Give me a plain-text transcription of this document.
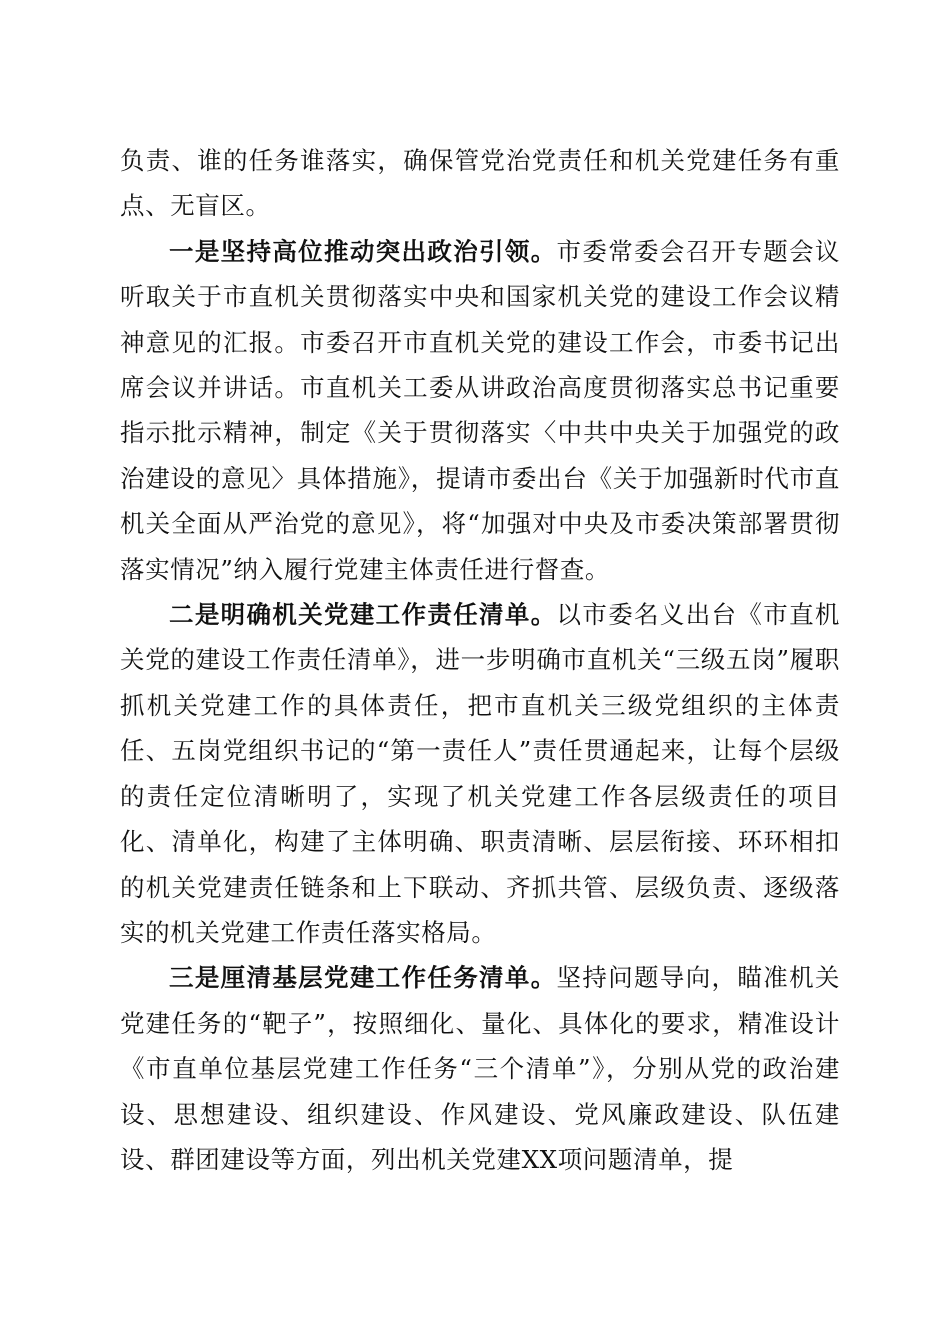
负责、谁的任务谁落实，确保管党治党责任和机关党建任务有重点、无盲区。

一是坚持高位推动突出政治引领。市委常委会召开专题会议听取关于市直机关贯彻落实中央和国家机关党的建设工作会议精神意见的汇报。市委召开市直机关党的建设工作会，市委书记出席会议并讲话。市直机关工委从讲政治高度贯彻落实总书记重要指示批示精神，制定《关于贯彻落实〈中共中央关于加强党的政治建设的意见〉具体措施》，提请市委出台《关于加强新时代市直机关全面从严治党的意见》，将“加强对中央及市委决策部署贯彻落实情况”纳入履行党建主体责任进行督查。

二是明确机关党建工作责任清单。以市委名义出台《市直机关党的建设工作责任清单》，进一步明确市直机关“三级五岗”履职抓机关党建工作的具体责任，把市直机关三级党组织的主体责任、五岗党组织书记的“第一责任人”责任贯通起来，让每个层级的责任定位清晰明了，实现了机关党建工作各层级责任的项目化、清单化，构建了主体明确、职责清晰、层层衔接、环环相扣的机关党建责任链条和上下联动、齐抓共管、层级负责、逐级落实的机关党建工作责任落实格局。

三是厘清基层党建工作任务清单。坚持问题导向，瞄准机关党建任务的“靶子”，按照细化、量化、具体化的要求，精准设计《市直单位基层党建工作任务“三个清单”》，分别从党的政治建设、思想建设、组织建设、作风建设、党风廉政建设、队伍建设、群团建设等方面，列出机关党建XX项问题清单，提
